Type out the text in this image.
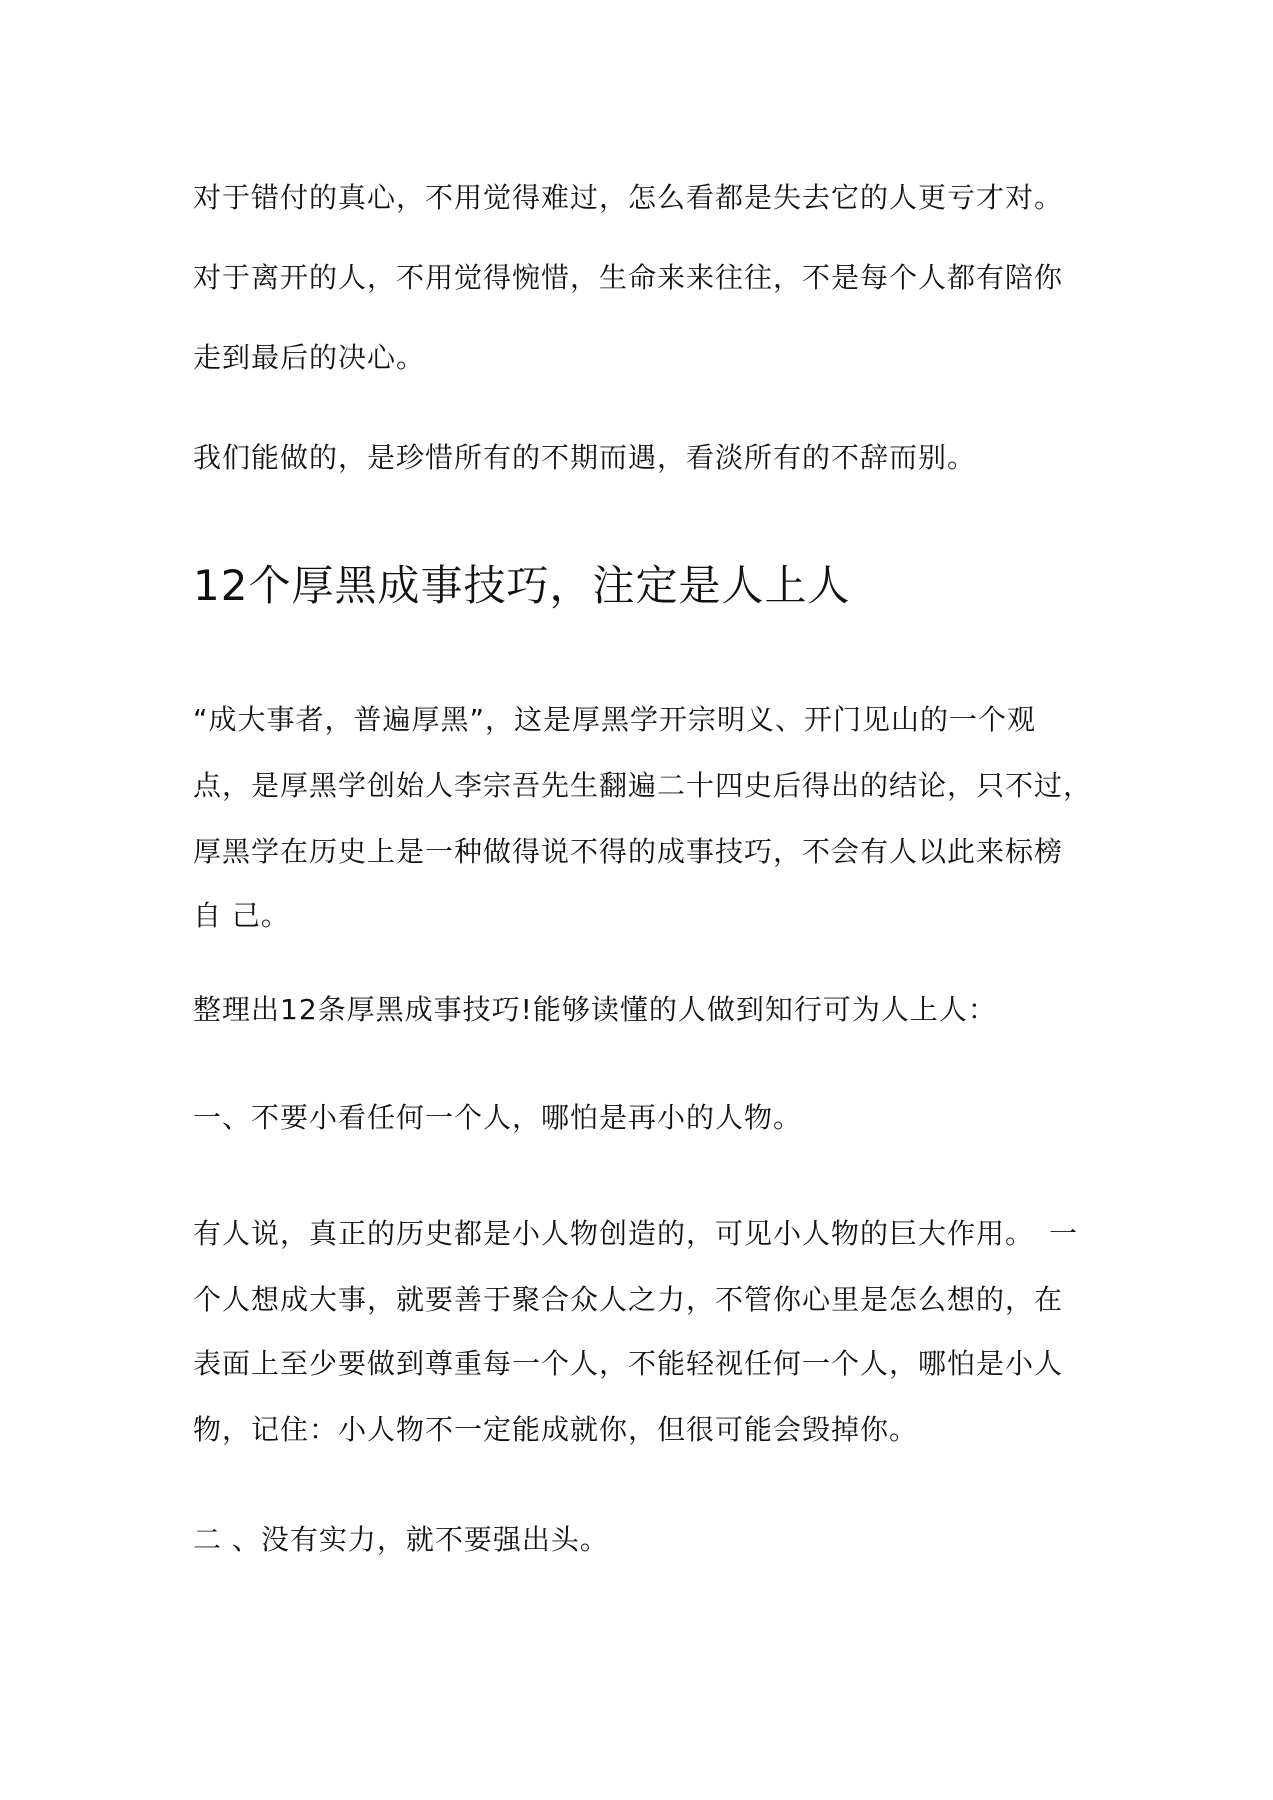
对于错付的真心，不用觉得难过，怎么看都是失去它的人更亏才对。

对于离开的人，不用觉得惋惜，生命来来往往，不是每个人都有陪你

走到最后的决心。

我们能做的，是珍惜所有的不期而遇，看淡所有的不辞而别。

12个厚黑成事技巧，注定是人上人

“成大事者，普遍厚黑”，这是厚黑学开宗明义、开门见山的一个观

点，是厚黑学创始人李宗吾先生翻遍二十四史后得出的结论，只不过，

厚黑学在历史上是一种做得说不得的成事技巧，不会有人以此来标榜

自 己。

整理出12条厚黑成事技巧!能够读懂的人做到知行可为人上人：

一、不要小看任何一个人，哪怕是再小的人物。

有人说，真正的历史都是小人物创造的，可见小人物的巨大作用。　一

个人想成大事，就要善于聚合众人之力，不管你心里是怎么想的，在

表面上至少要做到尊重每一个人，不能轻视任何一个人，哪怕是小人

物，记住：小人物不一定能成就你，但很可能会毁掉你。

二 、没有实力，就不要强出头。
